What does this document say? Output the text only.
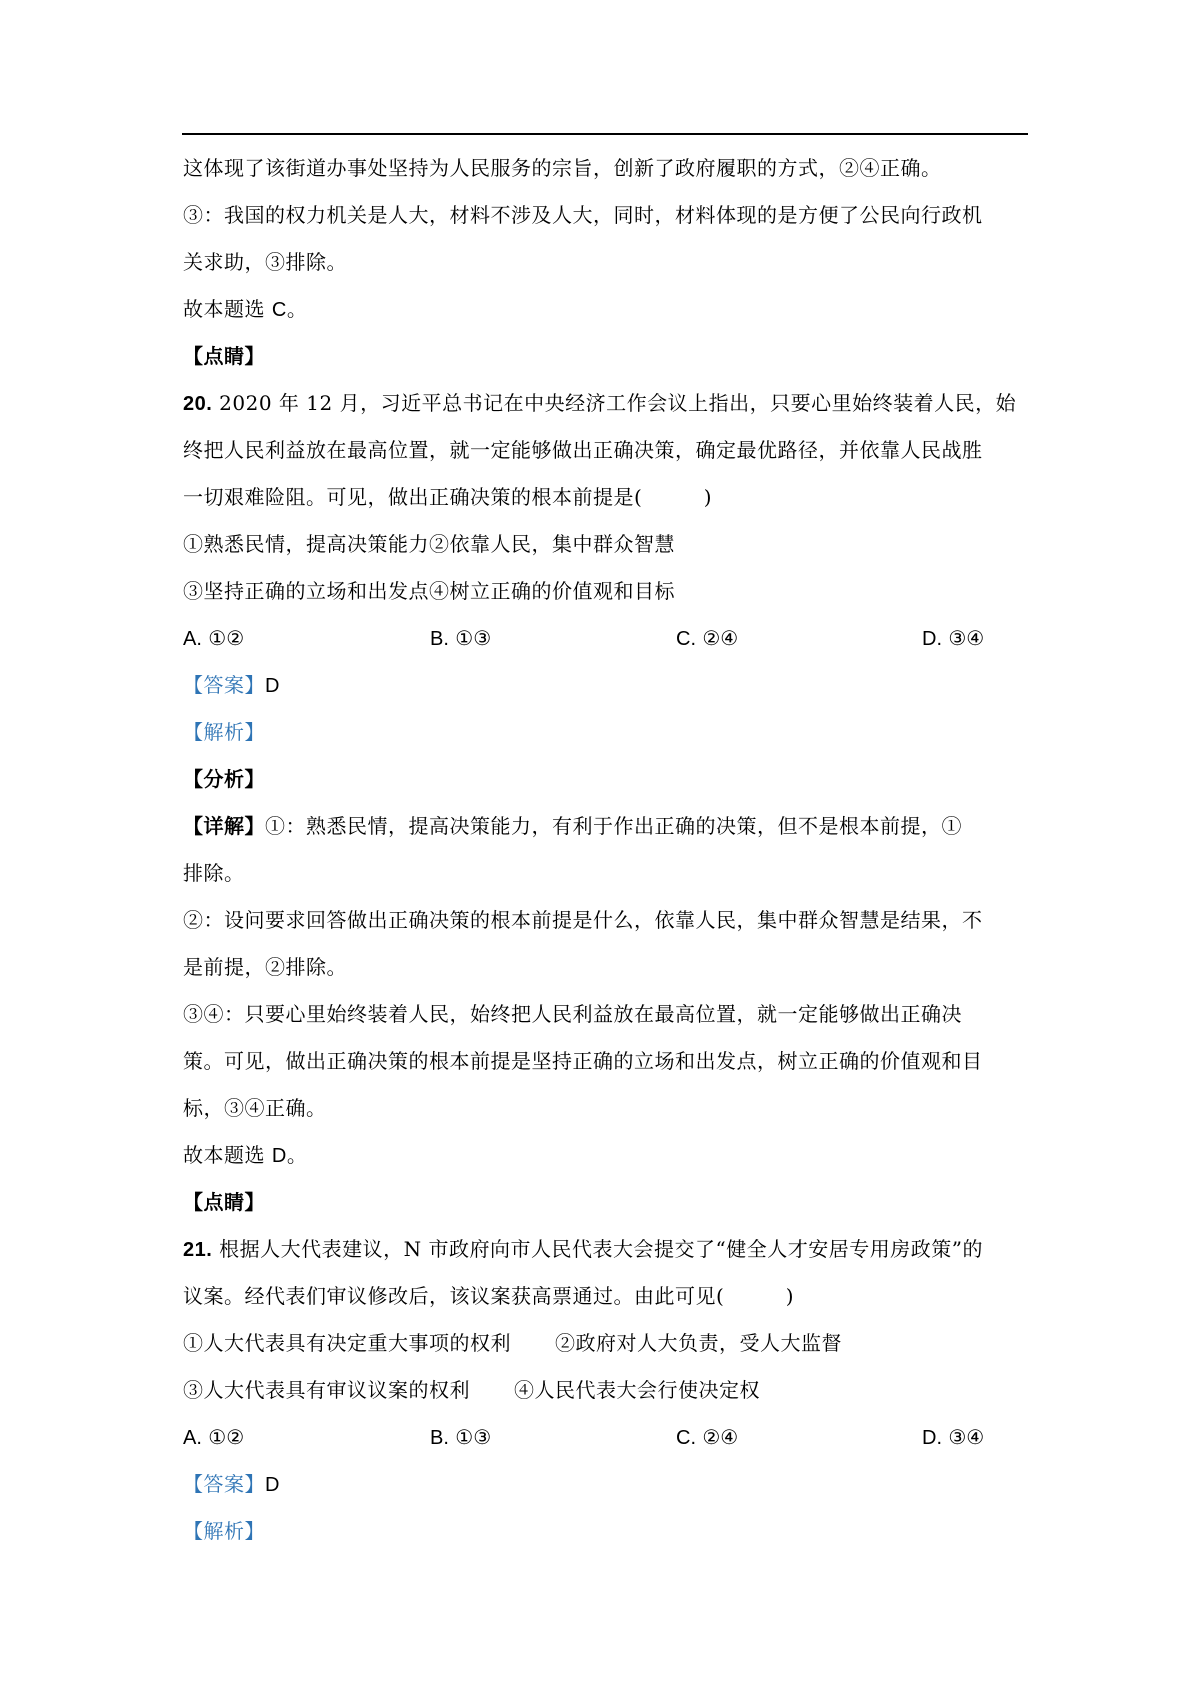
这体现了该街道办事处坚持为人民服务的宗旨，创新了政府履职的方式，②④正确。
③：我国的权力机关是人大，材料不涉及人大，同时，材料体现的是方便了公民向行政机
关求助，③排除。
故本题选 C。
【点睛】
20. 2020 年 12 月，习近平总书记在中央经济工作会议上指出，只要心里始终装着人民，始
终把人民利益放在最高位置，就一定能够做出正确决策，确定最优路径，并依靠人民战胜
一切艰难险阻。可见，做出正确决策的根本前提是(　　　)
①熟悉民情，提高决策能力②依靠人民，集中群众智慧
③坚持正确的立场和出发点④树立正确的价值观和目标
A. ①②	B. ①③	C. ②④	D. ③④
【答案】D
【解析】
【分析】
【详解】①：熟悉民情，提高决策能力，有利于作出正确的决策，但不是根本前提，①
排除。
②：设问要求回答做出正确决策的根本前提是什么，依靠人民，集中群众智慧是结果，不
是前提，②排除。
③④：只要心里始终装着人民，始终把人民利益放在最高位置，就一定能够做出正确决
策。可见，做出正确决策的根本前提是坚持正确的立场和出发点，树立正确的价值观和目
标，③④正确。
故本题选 D。
【点睛】
21. 根据人大代表建议，N 市政府向市人民代表大会提交了“健全人才安居专用房政策”的
议案。经代表们审议修改后，该议案获高票通过。由此可见(　　　)
①人大代表具有决定重大事项的权利 ②政府对人大负责，受人大监督
③人大代表具有审议议案的权利 ④人民代表大会行使决定权
A. ①②	B. ①③	C. ②④	D. ③④
【答案】D
【解析】
